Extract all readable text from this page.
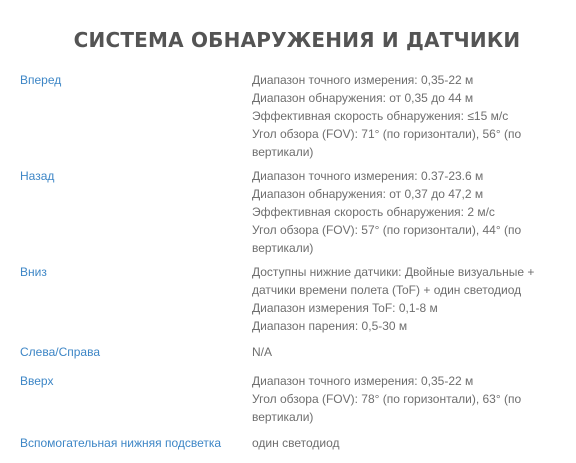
СИСТЕМА ОБНАРУЖЕНИЯ И ДАТЧИКИ
Вперед	Диапазон точного измерения: 0,35-22 м
Диапазон обнаружения: от 0,35 до 44 м
Эффективная скорость обнаружения: ≤15 м/с
Угол обзора (FOV): 71° (по горизонтали), 56° (по
вертикали)
Назад	Диапазон точного измерения: 0.37-23.6 м
Диапазон обнаружения: от 0,37 до 47,2 м
Эффективная скорость обнаружения: 2 м/с
Угол обзора (FOV): 57° (по горизонтали), 44° (по
вертикали)
Вниз	Доступны нижние датчики: Двойные визуальные +
датчики времени полета (ToF) + один светодиод
Диапазон измерения ToF: 0,1-8 м
Диапазон парения: 0,5-30 м
Слева/Справа	N/A
Вверх	Диапазон точного измерения: 0,35-22 м
Угол обзора (FOV): 78° (по горизонтали), 63° (по
вертикали)
Вспомогательная нижняя подсветка	один светодиод
